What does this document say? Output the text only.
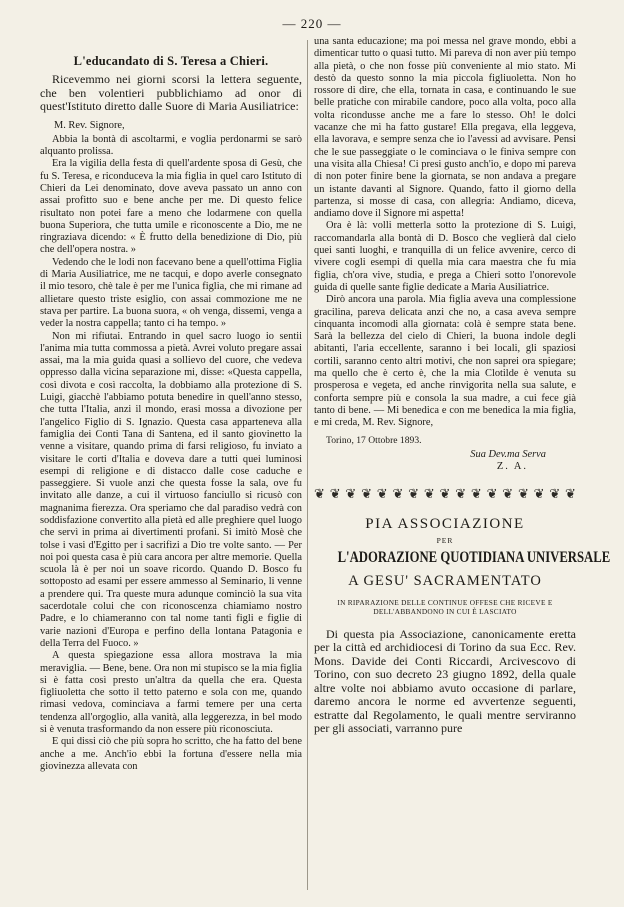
— 220 —
L'educandato di S. Teresa a Chieri.

Ricevemmo nei giorni scorsi la lettera seguente, che ben volentieri pubblichiamo ad onor di quest'Istituto diretto dalle Suore di Maria Ausiliatrice:

M. Rev. Signore,

Abbia la bontà di ascoltarmi, e voglia perdonarmi se sarò alquanto prolissa.

Era la vigilia della festa di quell'ardente sposa di Gesù, che fu S. Teresa, e riconduceva la mia figlia in quel caro Istituto di Chieri da Lei denominato, dove aveva passato un anno con assai profitto suo e bene anche per me. Di questo felice risultato non potei fare a meno che lodarmene con quella buona Superiora, che tutta umile e riconoscente a Dio, me ne ringraziava dicendo: « È frutto della benedizione di Dio, più che dell'opera nostra. »

Vedendo che le lodi non facevano bene a quell'ottima Figlia di Maria Ausiliatrice, me ne tacqui, e dopo averle consegnato il mio tesoro, chè tale è per me l'unica figlia, che mi rimane ad allietare questo triste esiglio, con assai commozione me ne stava per partire. La buona suora, « oh venga, dissemi, venga a veder la nostra cappella; tanto ci ha tempo. »

Non mi rifiutai. Entrando in quel sacro luogo io sentii l'anima mia tutta commossa a pietà. Avrei voluto pregare assai assai, ma la mia guida quasi a sollievo del cuore, che vedeva oppresso dalla vicina separazione mi, disse: «Questa cappella, così divota e così raccolta, la dobbiamo alla protezione di S. Luigi, giacchè l'abbiamo potuta benedire in quell'anno stesso, che tutta l'Italia, anzi il mondo, erasi mossa a divozione per l'angelico Figlio di S. Ignazio. Questa casa apparteneva alla famiglia dei Conti Tana di Santena, ed il santo giovinetto la venne a visitare, quando prima di farsi religioso, fu inviato a visitare le corti d'Italia e doveva dare a tutti quei luminosi esempi di religione e di distacco dalle cose caduche e passeggiere. Si vuole anzi che questa fosse la sala, ove fu invitato alle danze, a cui il virtuoso fanciullo si ricusò con magnanima fierezza. Ora speriamo che dal paradiso vedrà con soddisfazione convertito alla pietà ed alle preghiere quel luogo che servì in prima ai divertimenti profani. Si imitò Mosè che tolse i vasi d'Egitto per i sacrifizi a Dio tre volte santo. — Per noi poi questa casa è più cara ancora per altre memorie. Quella scuola là è per noi un soave ricordo. Quando D. Bosco fu sottoposto ad esami per essere ammesso al Seminario, li venne a prendere qui. Tra queste mura adunque cominciò la sua vita sacerdotale colui che con riconoscenza chiamiamo nostro Padre, e lo chiameranno con tal nome tanti figli e figlie di varie nazioni d'Europa e perfino della lontana Patagonia e della Terra del Fuoco. »

A questa spiegazione essa allora mostrava la mia meraviglia. — Bene, bene. Ora non mi stupisco se la mia figlia si è fatta così presto un'altra da quella che era. Questa figliuoletta che sotto il tetto paterno e sola con me, quando rimasi vedova, cominciava a farmi temere per una certa tendenza all'orgoglio, alla vanità, alla leggerezza, in bel modo si è venuta trasformando da non essere più riconosciuta.

E qui dissi ciò che più sopra ho scritto, che ha fatto del bene anche a me. Anch'io ebbi la fortuna d'essere nella mia giovinezza allevata con

una santa educazione; ma poi messa nel grave mondo, ebbi a dimenticar tutto o quasi tutto. Mi pareva di non aver più tempo alla pietà, o che non fosse più conveniente al mio stato. Mi destò da questo sonno la mia piccola figliuoletta. Non ho rossore di dire, che ella, tornata in casa, e continuando le sue belle pratiche con mirabile candore, poco alla volta, poco alla volta ricondusse anche me a fare lo stesso. Oh! le dolci vacanze che mi ha fatto gustare! Ella pregava, ella leggeva, ella lavorava, e sempre senza che io l'avessi ad avvisare. Pensi che le sue passeggiate o le cominciava o le finiva sempre con una visita alla Chiesa! Ci presi gusto anch'io, e dopo mi pareva di non poter finire bene la giornata, se non andava a pregare un istante davanti al Signore. Quando, fatto il giorno della partenza, si mosse di casa, con allegria: Andiamo, diceva, andiamo dove il Signore mi aspetta!

Ora è là: volli metterla sotto la protezione di S. Luigi, raccomandarla alla bontà di D. Bosco che veglierà dal cielo quei santi luoghi, e tranquilla di un felice avvenire, cerco di vivere cogli esempi di quella mia cara maestra che fu mia figlia, ch'ora vive, studia, e prega a Chieri sotto l'onorevole guida di quelle sante figlie dedicate a Maria Ausiliatrice.

Dirò ancora una parola. Mia figlia aveva una complessione gracilina, pareva delicata anzi che no, a casa aveva sempre cinquanta incomodi alla giornata: colà è sempre stata bene. Sarà la bellezza del cielo di Chieri, la buona indole degli abitanti, l'aria eccellente, saranno i bei locali, gli spaziosi cortili, saranno cento altri motivi, che non saprei ora spiegare; ma quello che è certo è, che la mia Clotilde è venuta su prosperosa e vegeta, ed anche rinvigorita nella sua salute, e conforta sempre più e consola la sua madre, a cui fece già tanto di bene. — Mi benedica e con me benedica la mia figlia, e mi creda, M. Rev. Signore,

Torino, 17 Ottobre 1893.
Sua Dev.ma Serva
Z. A.
❦ ❦ ❦ ❦ ❦ ❦ ❦ ❦ ❦ ❦ ❦ ❦ ❦ ❦ ❦ ❦ ❦
PIA ASSOCIAZIONE
PER
L'ADORAZIONE QUOTIDIANA UNIVERSALE
A GESU' SACRAMENTATO
IN RIPARAZIONE DELLE CONTINUE OFFESE CHE RICEVE E DELL'ABBANDONO IN CUI È LASCIATO

Di questa pia Associazione, canonicamente eretta per la città ed archidiocesi di Torino da sua Ecc. Rev. Mons. Davide dei Conti Riccardi, Arcivescovo di Torino, con suo decreto 23 giugno 1892, della quale altre volte noi abbiamo avuto occasione di parlare, daremo ancora le norme ed avvertenze seguenti, estratte dal Regolamento, le quali mentre serviranno per gli associati, varranno pure
